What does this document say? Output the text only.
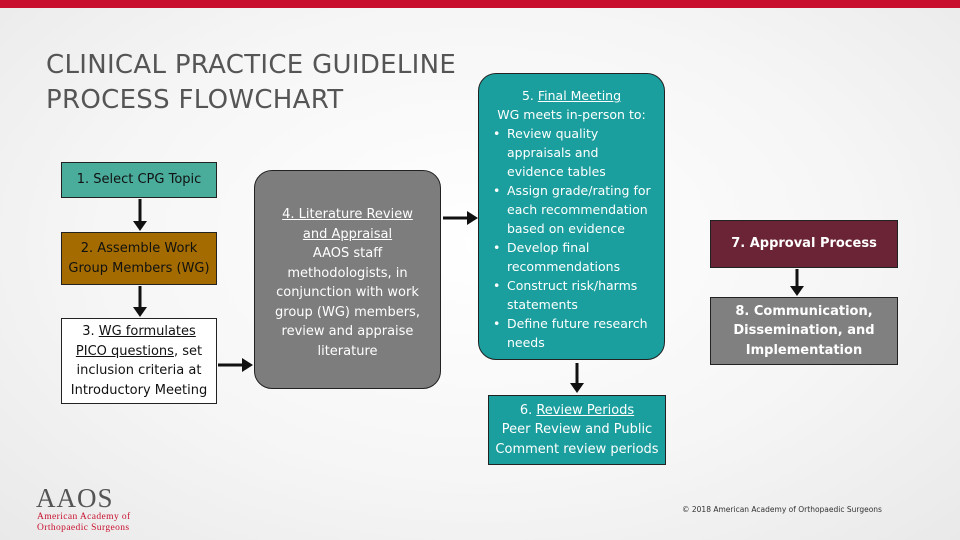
CLINICAL PRACTICE GUIDELINE
PROCESS FLOWCHART
1. Select CPG Topic
2. Assemble Work
Group Members (WG)
3. WG formulates
PICO questions, set
inclusion criteria at
Introductory Meeting
4. Literature Review
and Appraisal
AAOS staff methodologists, in conjunction with work group (WG) members, review and appraise literature
5. Final Meeting
WG meets in-person to:
• Review quality appraisals and evidence tables
• Assign grade/rating for each recommendation based on evidence
• Develop final recommendations
• Construct risk/harms statements
• Define future research needs
6. Review Periods
Peer Review and Public
Comment review periods
7. Approval Process
8. Communication,
Dissemination, and
Implementation
AAOS
American Academy of
Orthopaedic Surgeons
© 2018 American Academy of Orthopaedic Surgeons
